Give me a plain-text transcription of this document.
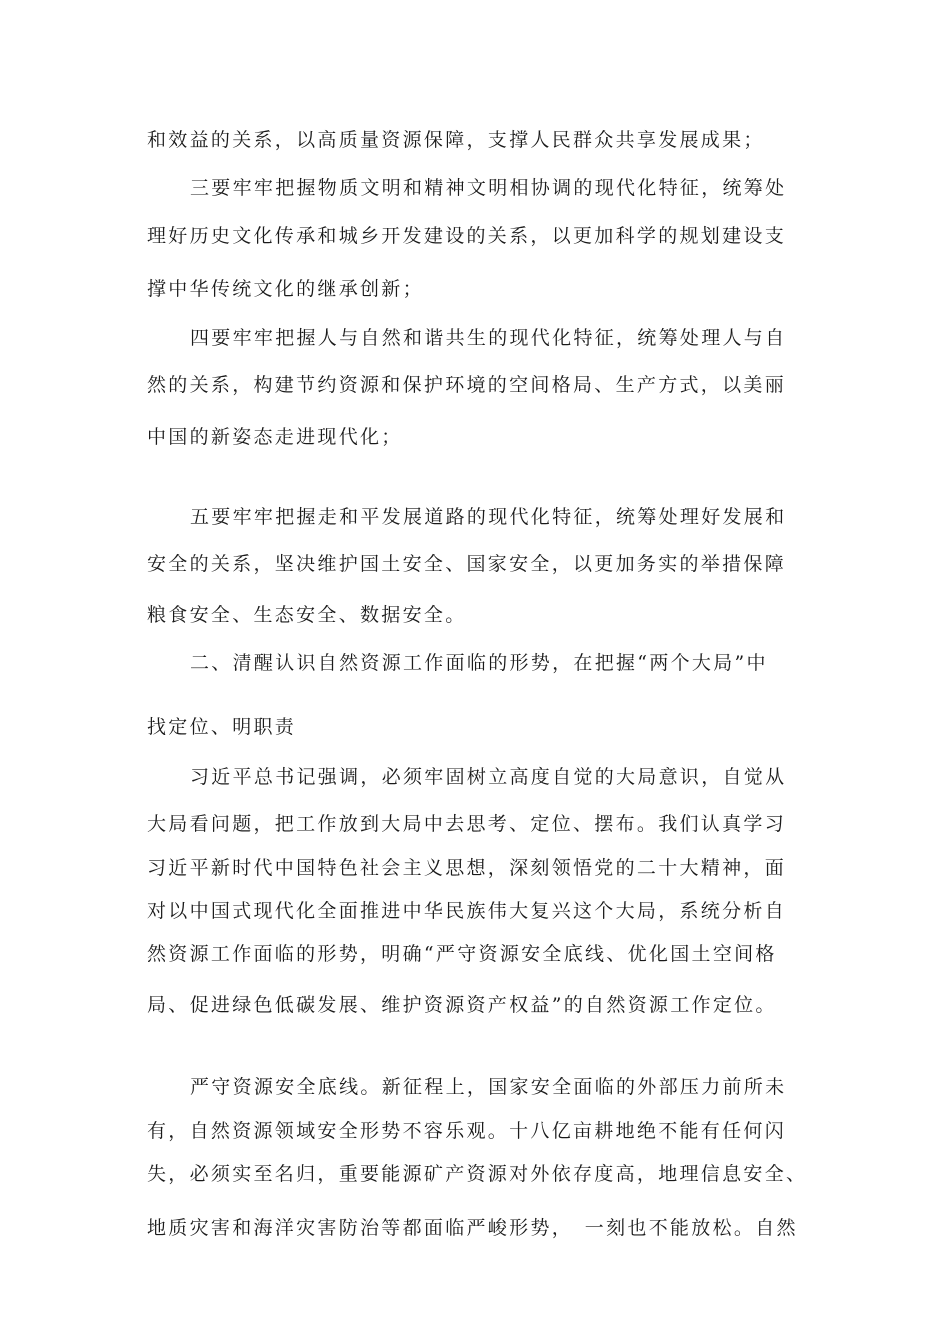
和效益的关系，以高质量资源保障，支撑人民群众共享发展成果；
三要牢牢把握物质文明和精神文明相协调的现代化特征，统筹处
理好历史文化传承和城乡开发建设的关系，以更加科学的规划建设支
撑中华传统文化的继承创新；
四要牢牢把握人与自然和谐共生的现代化特征，统筹处理人与自
然的关系，构建节约资源和保护环境的空间格局、生产方式，以美丽
中国的新姿态走进现代化；
五要牢牢把握走和平发展道路的现代化特征，统筹处理好发展和
安全的关系，坚决维护国土安全、国家安全，以更加务实的举措保障
粮食安全、生态安全、数据安全。
二、清醒认识自然资源工作面临的形势，在把握“两个大局”中
找定位、明职责
习近平总书记强调，必须牢固树立高度自觉的大局意识，自觉从
大局看问题，把工作放到大局中去思考、定位、摆布。我们认真学习
习近平新时代中国特色社会主义思想，深刻领悟党的二十大精神，面
对以中国式现代化全面推进中华民族伟大复兴这个大局，系统分析自
然资源工作面临的形势，明确“严守资源安全底线、优化国土空间格
局、促进绿色低碳发展、维护资源资产权益”的自然资源工作定位。
严守资源安全底线。新征程上，国家安全面临的外部压力前所未
有，自然资源领域安全形势不容乐观。十八亿亩耕地绝不能有任何闪
失，必须实至名归，重要能源矿产资源对外依存度高，地理信息安全、
地质灾害和海洋灾害防治等都面临严峻形势，　一刻也不能放松。自然
